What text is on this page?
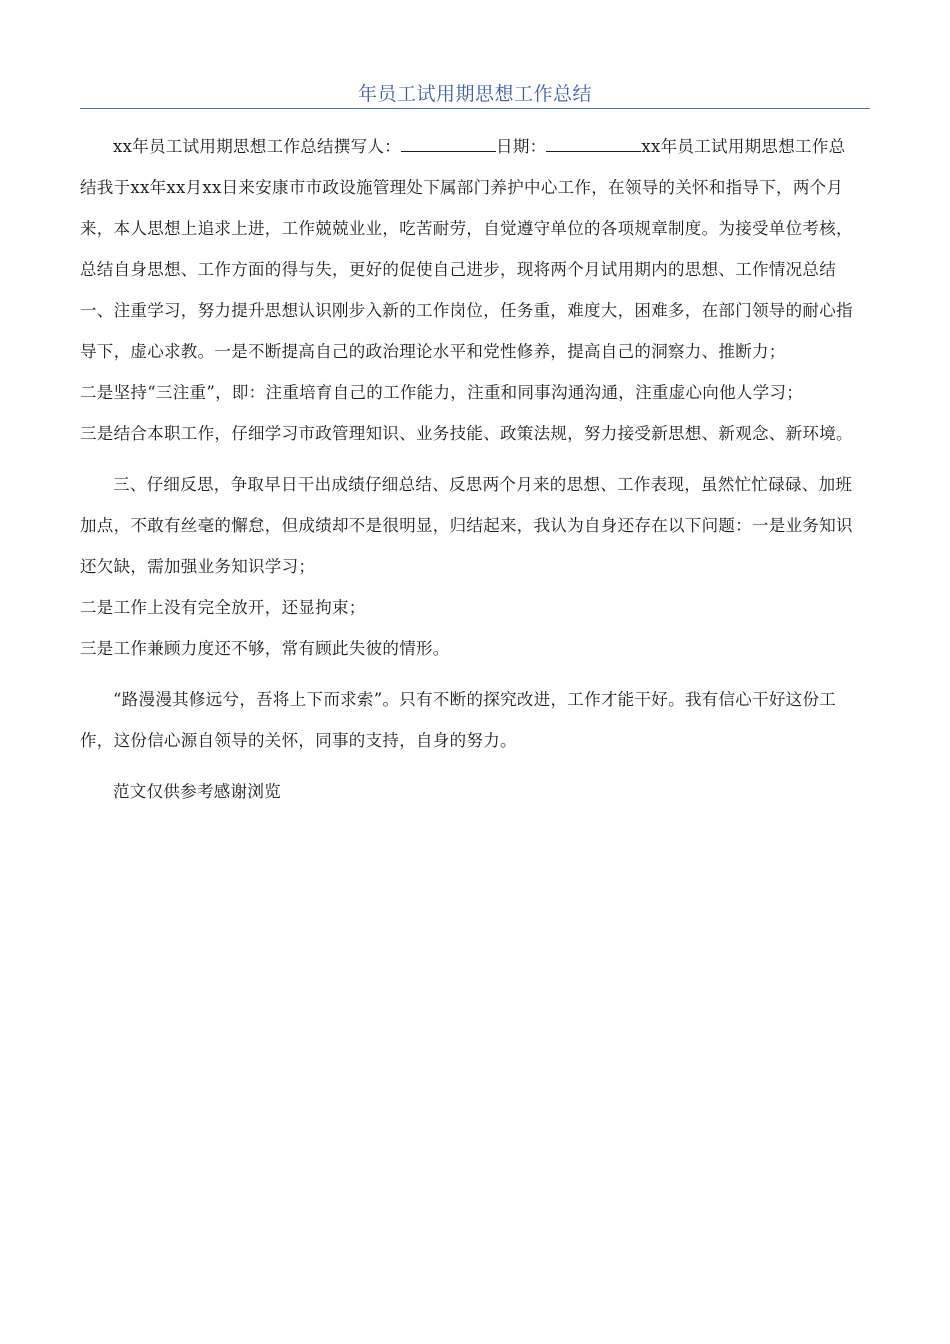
年员工试用期思想工作总结

xx年员工试用期思想工作总结撰写人：	日期：	xx年员工试用期思想工作总结我于xx年xx月xx日来安康市市政设施管理处下属部门养护中心工作，在领导的关怀和指导下，两个月来，本人思想上追求上进，工作兢兢业业，吃苦耐劳，自觉遵守单位的各项规章制度。为接受单位考核，总结自身思想、工作方面的得与失，更好的促使自己进步，现将两个月试用期内的思想、工作情况总结一、注重学习，努力提升思想认识刚步入新的工作岗位，任务重，难度大，困难多，在部门领导的耐心指导下，虚心求教。一是不断提高自己的政治理论水平和党性修养，提高自己的洞察力、推断力；

二是坚持“三注重”，即：注重培育自己的工作能力，注重和同事沟通沟通，注重虚心向他人学习；

三是结合本职工作，仔细学习市政管理知识、业务技能、政策法规，努力接受新思想、新观念、新环境。

三、仔细反思，争取早日干出成绩仔细总结、反思两个月来的思想、工作表现，虽然忙忙碌碌、加班加点，不敢有丝毫的懈怠，但成绩却不是很明显，归结起来，我认为自身还存在以下问题：一是业务知识还欠缺，需加强业务知识学习；

二是工作上没有完全放开，还显拘束；

三是工作兼顾力度还不够，常有顾此失彼的情形。

“路漫漫其修远兮，吾将上下而求索”。只有不断的探究改进，工作才能干好。我有信心干好这份工作，这份信心源自领导的关怀，同事的支持，自身的努力。

范文仅供参考感谢浏览
